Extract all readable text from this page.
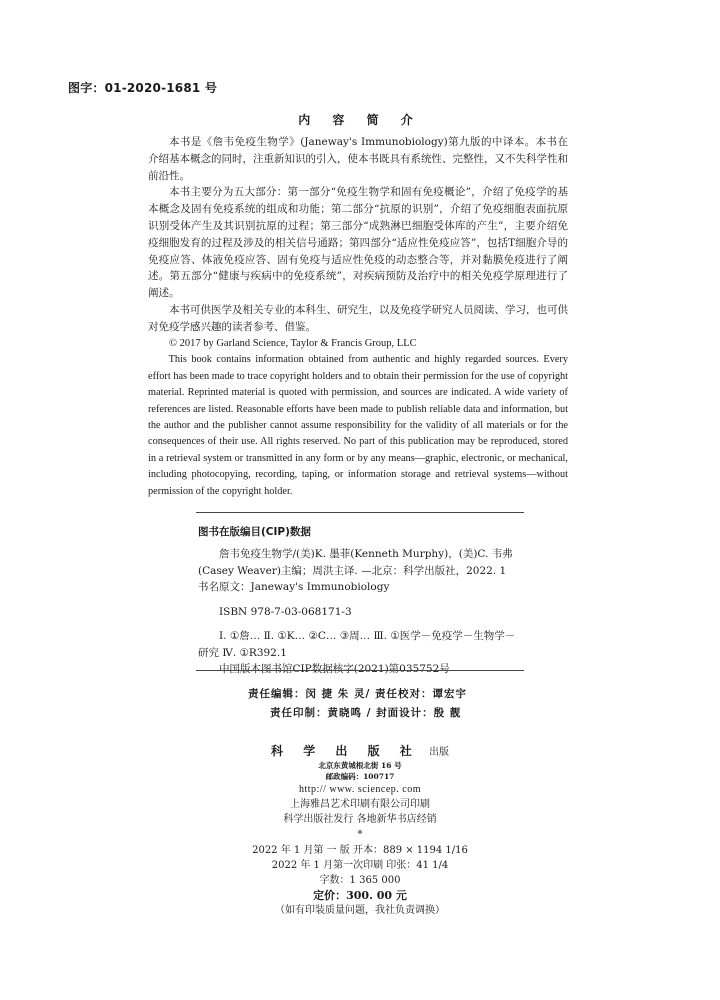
图字：01-2020-1681 号
内 容 简 介

本书是《詹韦免疫生物学》(Janeway's Immunobiology)第九版的中译本。本书在介绍基本概念的同时，注重新知识的引入，使本书既具有系统性、完整性，又不失科学性和前沿性。

本书主要分为五大部分：第一部分“免疫生物学和固有免疫概论”，介绍了免疫学的基本概念及固有免疫系统的组成和功能；第二部分“抗原的识别”，介绍了免疫细胞表面抗原识别受体产生及其识别抗原的过程；第三部分“成熟淋巴细胞受体库的产生”，主要介绍免疫细胞发育的过程及涉及的相关信号通路；第四部分“适应性免疫应答”，包括T细胞介导的免疫应答、体液免疫应答、固有免疫与适应性免疫的动态整合等，并对黏膜免疫进行了阐述。第五部分“健康与疾病中的免疫系统”，对疾病预防及治疗中的相关免疫学原理进行了阐述。

本书可供医学及相关专业的本科生、研究生，以及免疫学研究人员阅读、学习，也可供对免疫学感兴趣的读者参考、借鉴。

© 2017 by Garland Science, Taylor & Francis Group, LLC

This book contains information obtained from authentic and highly regarded sources. Every effort has been made to trace copyright holders and to obtain their permission for the use of copyright material. Reprinted material is quoted with permission, and sources are indicated. A wide variety of references are listed. Reasonable efforts have been made to publish reliable data and information, but the author and the publisher cannot assume responsibility for the validity of all materials or for the consequences of their use. All rights reserved. No part of this publication may be reproduced, stored in a retrieval system or transmitted in any form or by any means—graphic, electronic, or mechanical, including photocopying, recording, taping, or information storage and retrieval systems—without permission of the copyright holder.

图书在版编目(CIP)数据
詹韦免疫生物学/(美)K. 墨菲(Kenneth Murphy)，(美)C. 韦弗(Casey Weaver)主编；周洪主译. —北京：科学出版社，2022. 1
书名原文：Janeway's Immunobiology
ISBN 978-7-03-068171-3
Ⅰ. ①詹… Ⅱ. ①K… ②C… ③周… Ⅲ. ①医学－免疫学－生物学－研究 Ⅳ. ①R392.1
中国版本图书馆CIP数据核字(2021)第035752号
责任编辑：闵 捷 朱 灵/ 责任校对：谭宏宇
责任印制：黄晓鸣 / 封面设计：殷 靓
科 学 出 版 社 出版
北京东黄城根北街 16 号
邮政编码：100717
http:// www. sciencep. com
上海雅昌艺术印刷有限公司印刷
科学出版社发行 各地新华书店经销
*
2022 年 1 月第 一 版 开本：889 × 1194 1/16
2022 年 1 月第一次印刷 印张：41 1/4
字数：1 365 000
定价：300. 00 元
（如有印装质量问题，我社负责调换）
